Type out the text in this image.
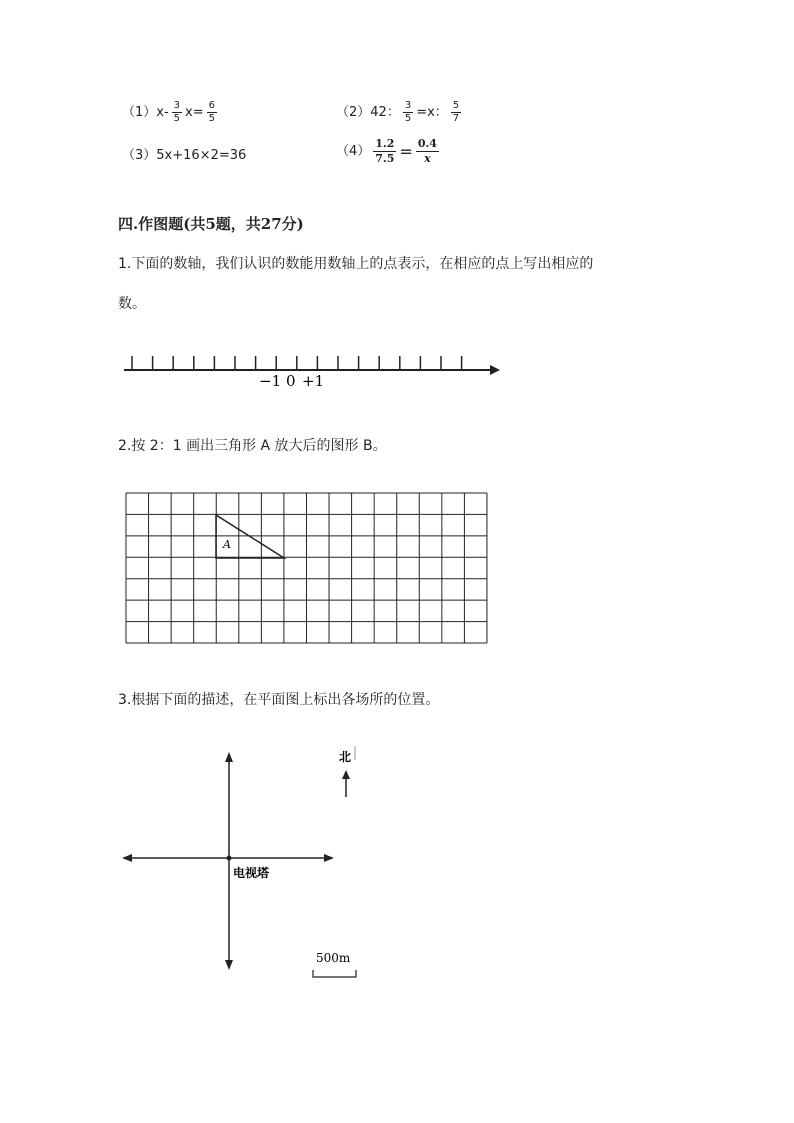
$(1)x- \frac{3}{5} x= \frac{6}{5}$	（2）42： $\frac{3}{5} =x$： $\frac{5}{7}$
（3）5x+16×2=36	$(4) \frac{1.2}{7.5} = \frac{0.4}{x}$
四.作图题(共5题，共27分)
1.下面的数轴，我们认识的数能用数轴上的点表示，在相应的点上写出相应的
数。
−1 0 +1
A
电视塔
北
500m
2.按 2：1 画出三角形 A 放大后的图形 B。
3.根据下面的描述，在平面图上标出各场所的位置。
